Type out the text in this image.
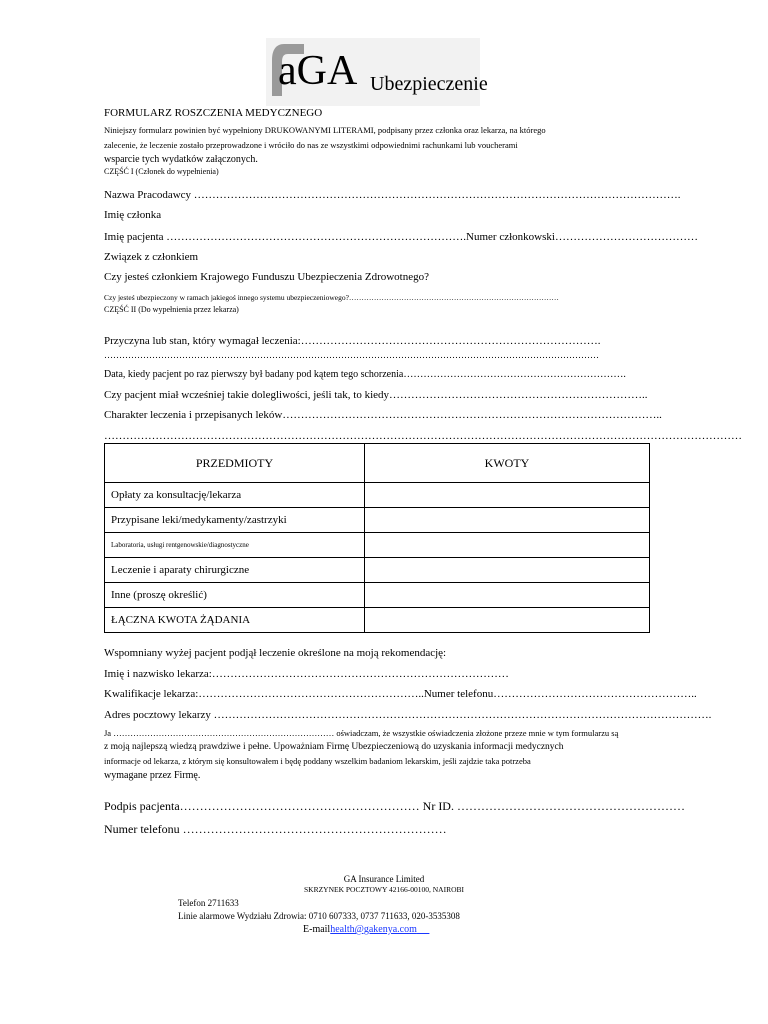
aGA Ubezpieczenie
FORMULARZ ROSZCZENIA MEDYCZNEGO
Niniejszy formularz powinien być wypełniony DRUKOWANYMI LITERAMI, podpisany przez członka oraz lekarza, na którego
zalecenie, że leczenie zostało przeprowadzone i wróciło do nas ze wszystkimi odpowiednimi rachunkami lub voucherami
wsparcie tych wydatków załączonych.
CZĘŚĆ I (Członek do wypełnienia)
Nazwa Pracodawcy …………………………………………………………………………………………………………………….
Imię członka
Imię pacjenta ……………………………………………………………………….Numer członkowski…………………………………
Związek z członkiem
Czy jesteś członkiem Krajowego Funduszu Ubezpieczenia Zdrowotnego?
Czy jesteś ubezpieczony w ramach jakiegoś innego systemu ubezpieczeniowego?…………………………………………………………………………
CZĘŚĆ II (Do wypełnienia przez lekarza)
Przyczyna lub stan, który wymagał leczenia:……………………………………………………………………….
…………………………………………………………………………………………………………………………………………………
Data, kiedy pacjent po raz pierwszy był badany pod kątem tego schorzenia………………………………………………………….
Czy pacjent miał wcześniej takie dolegliwości, jeśli tak, to kiedy……………………………………………………………..
Charakter leczenia i przepisanych leków…………………………………………………………………………………………..
…………………………………………………………………………………………………………………………………………………………
PRZEDMIOTY	KWOTY
Opłaty za konsultację/lekarza	
Przypisane leki/medykamenty/zastrzyki	
Laboratoria, usługi rentgenowskie/diagnostyczne	
Leczenie i aparaty chirurgiczne	
Inne (proszę określić)	
ŁĄCZNA KWOTA ŻĄDANIA	
Wspomniany wyżej pacjent podjął leczenie określone na moją rekomendację:
Imię i nazwisko lekarza:………………………………………………………………………
Kwalifikacje lekarza:……………………………………………………..Numer telefonu………………………………………………..
Adres pocztowy lekarzy ……………………………………………………………………………………………………………………….
Ja …………………………………………………………………… oświadczam, że wszystkie oświadczenia złożone przeze mnie w tym formularzu są
z moją najlepszą wiedzą prawdziwe i pełne. Upoważniam Firmę Ubezpieczeniową do uzyskania informacji medycznych
informacje od lekarza, z którym się konsultowałem i będę poddany wszelkim badaniom lekarskim, jeśli zajdzie taka potrzeba
wymagane przez Firmę.
Podpis pacjenta…………………………………………………… Nr ID. …………………………………………………
Numer telefonu …………………………………………………………
GA Insurance Limited
SKRZYNEK POCZTOWY 42166-00100, NAIROBI
Telefon 2711633
Linie alarmowe Wydziału Zdrowia: 0710 607333, 0737 711633, 020-3535308
E-mailhealth@gakenya.com
